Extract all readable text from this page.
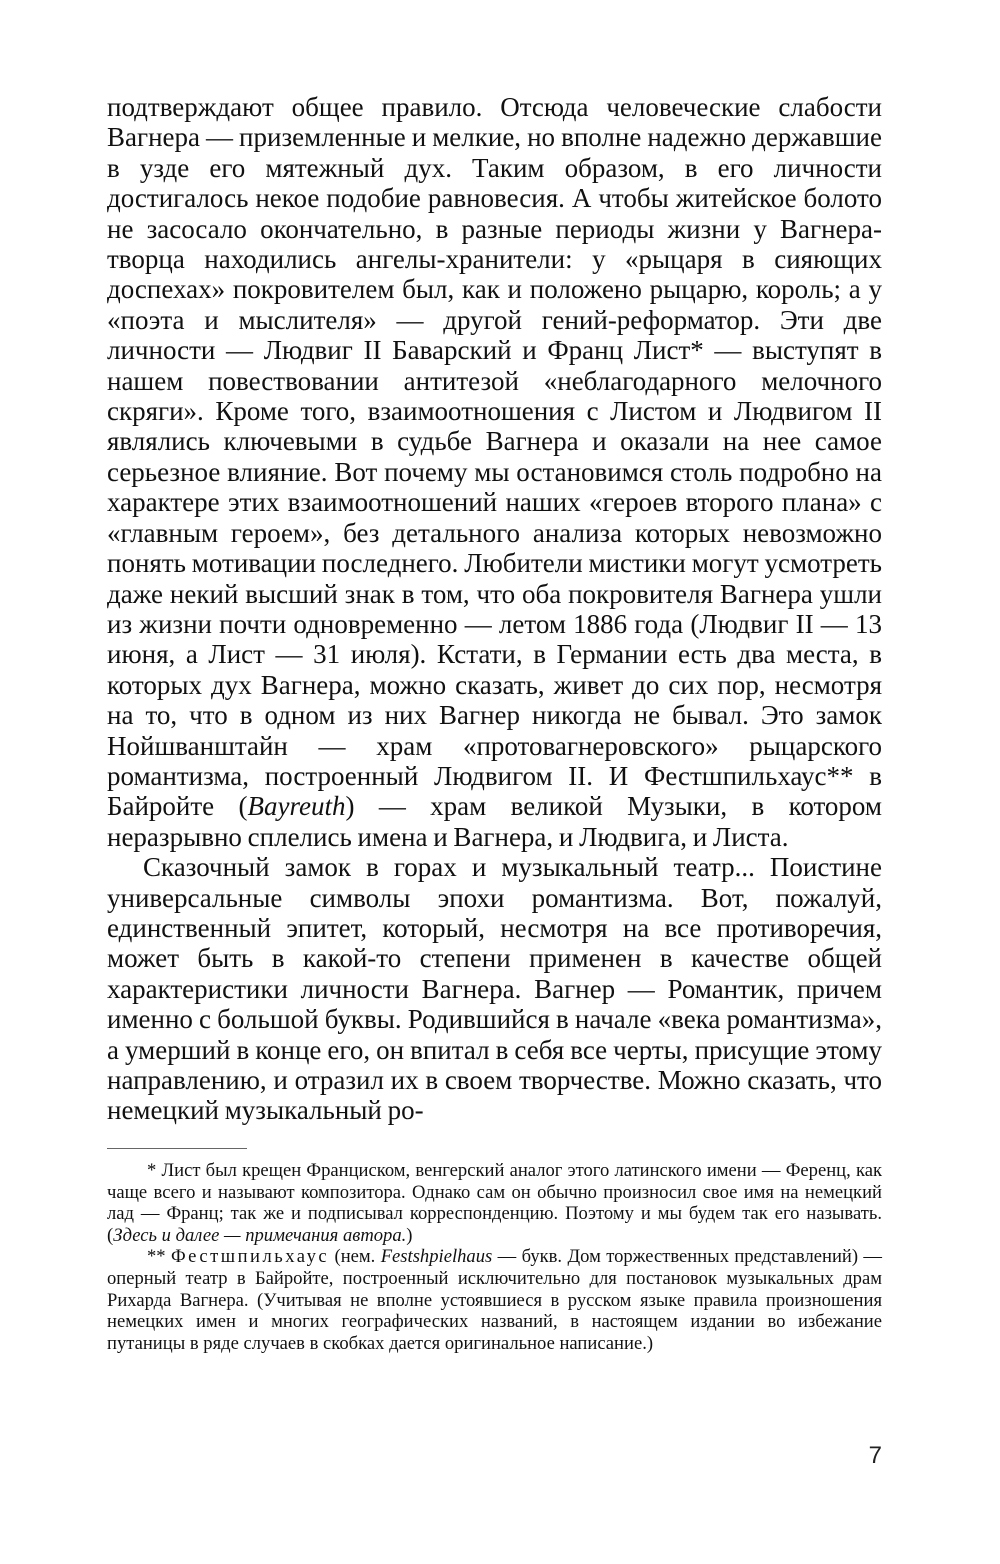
подтверждают общее правило. Отсюда человеческие слабости Вагнера — приземленные и мелкие, но вполне надежно державшие в узде его мятежный дух. Таким образом, в его личности достигалось некое подобие равновесия. А чтобы житейское болото не засосало окончательно, в разные периоды жизни у Вагнера-творца находились ангелы-хранители: у «рыцаря в сияющих доспехах» покровителем был, как и положено рыцарю, король; а у «поэта и мыслителя» — другой гений-реформатор. Эти две личности — Людвиг II Баварский и Франц Лист* — выступят в нашем повествовании антитезой «неблагодарного мелочного скряги». Кроме того, взаимоотношения с Листом и Людвигом II являлись ключевыми в судьбе Вагнера и оказали на нее самое серьезное влияние. Вот почему мы остановимся столь подробно на характере этих взаимоотношений наших «героев второго плана» с «главным героем», без детального анализа которых невозможно понять мотивации последнего. Любители мистики могут усмотреть даже некий высший знак в том, что оба покровителя Вагнера ушли из жизни почти одновременно — летом 1886 года (Людвиг II — 13 июня, а Лист — 31 июля). Кстати, в Германии есть два места, в которых дух Вагнера, можно сказать, живет до сих пор, несмотря на то, что в одном из них Вагнер никогда не бывал. Это замок Нойшванштайн — храм «протовагнеровского» рыцарского романтизма, построенный Людвигом II. И Фестшпильхаус** в Байройте (Bayreuth) — храм великой Музыки, в котором неразрывно сплелись имена и Вагнера, и Людвига, и Листа.

Сказочный замок в горах и музыкальный театр... Поистине универсальные символы эпохи романтизма. Вот, пожалуй, единственный эпитет, который, несмотря на все противоречия, может быть в какой-то степени применен в качестве общей характеристики личности Вагнера. Вагнер — Романтик, причем именно с большой буквы. Родившийся в начале «века романтизма», а умерший в конце его, он впитал в себя все черты, присущие этому направлению, и отразил их в своем творчестве. Можно сказать, что немецкий музыкальный ро-

* Лист был крещен Франциском, венгерский аналог этого латинского имени — Ференц, как чаще всего и называют композитора. Однако сам он обычно произносил свое имя на немецкий лад — Франц; так же и подписывал корреспонденцию. Поэтому и мы будем так его называть. (Здесь и далее — примечания автора.)

** Фестшпильхаус (нем. Festshpielhaus — букв. Дом торжественных представлений) — оперный театр в Байройте, построенный исключительно для постановок музыкальных драм Рихарда Вагнера. (Учитывая не вполне устоявшиеся в русском языке правила произношения немецких имен и многих географических названий, в настоящем издании во избежание путаницы в ряде случаев в скобках дается оригинальное написание.)

7
